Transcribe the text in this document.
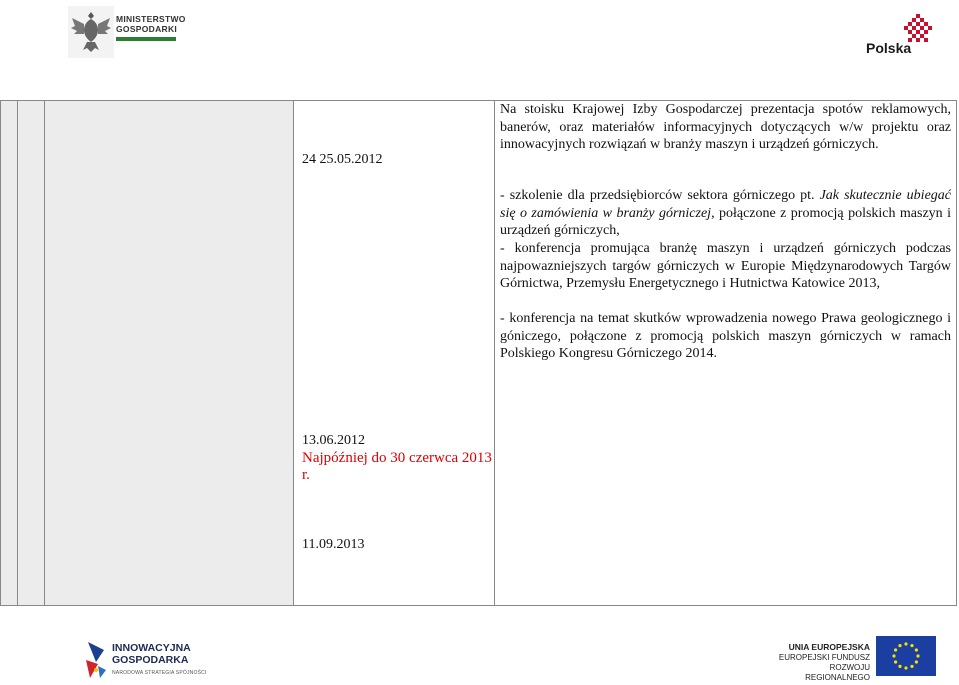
MINISTERSTWO
GOSPODARKI
Polska
24 25.05.2012
13.06.2012
Najpóźniej do 30 czerwca 2013 r.
11.09.2013
Na stoisku Krajowej Izby Gospodarczej prezentacja spotów reklamowych, banerów, oraz materiałów informacyjnych dotyczących w/w projektu oraz innowacyjnych rozwiązań w branży maszyn i urządzeń górniczych.
- szkolenie dla przedsiębiorców sektora górniczego pt. Jak skutecznie ubiegać się o zamówienia w branży górniczej, połączone z promocją polskich maszyn i urządzeń górniczych,
- konferencja promująca branżę maszyn i urządzeń górniczych podczas najpowazniejszych targów górniczych w Europie Międzynarodowych Targów Górnictwa, Przemysłu Energetycznego i Hutnictwa Katowice 2013,
- konferencja na temat skutków wprowadzenia nowego Prawa geologicznego i góniczego, połączone z promocją polskich maszyn górniczych w ramach Polskiego Kongresu Górniczego 2014.
INNOWACYJNA
GOSPODARKA
NARODOWA STRATEGIA SPÓJNOŚCI
UNIA EUROPEJSKA
EUROPEJSKI FUNDUSZ
ROZWOJU REGIONALNEGO
